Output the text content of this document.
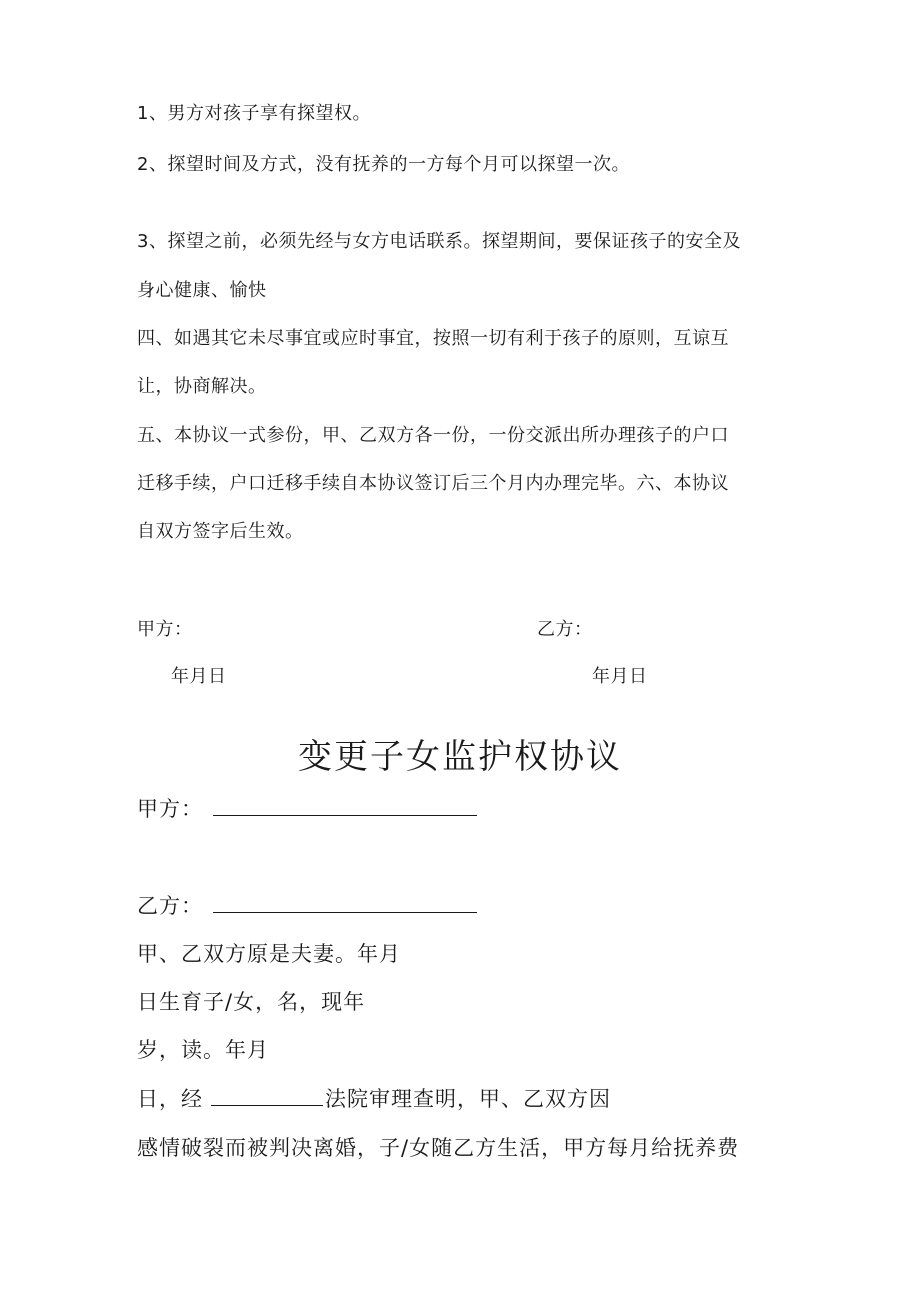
1、男方对孩子享有探望权。
2、探望时间及方式，没有抚养的一方每个月可以探望一次。
3、探望之前，必须先经与女方电话联系。探望期间，要保证孩子的安全及
身心健康、愉快
四、如遇其它未尽事宜或应时事宜，按照一切有利于孩子的原则，互谅互
让，协商解决。
五、本协议一式参份，甲、乙双方各一份，一份交派出所办理孩子的户口
迁移手续，户口迁移手续自本协议签订后三个月内办理完毕。六、本协议
自双方签字后生效。
甲方：	乙方：
年月日	年月日
变更子女监护权协议
甲方：
乙方：
甲、乙双方原是夫妻。年月
日生育子/女，名，现年
岁，读。年月
日，经	法院审理查明，甲、乙双方因
感情破裂而被判决离婚，子/女随乙方生活，甲方每月给抚养费
